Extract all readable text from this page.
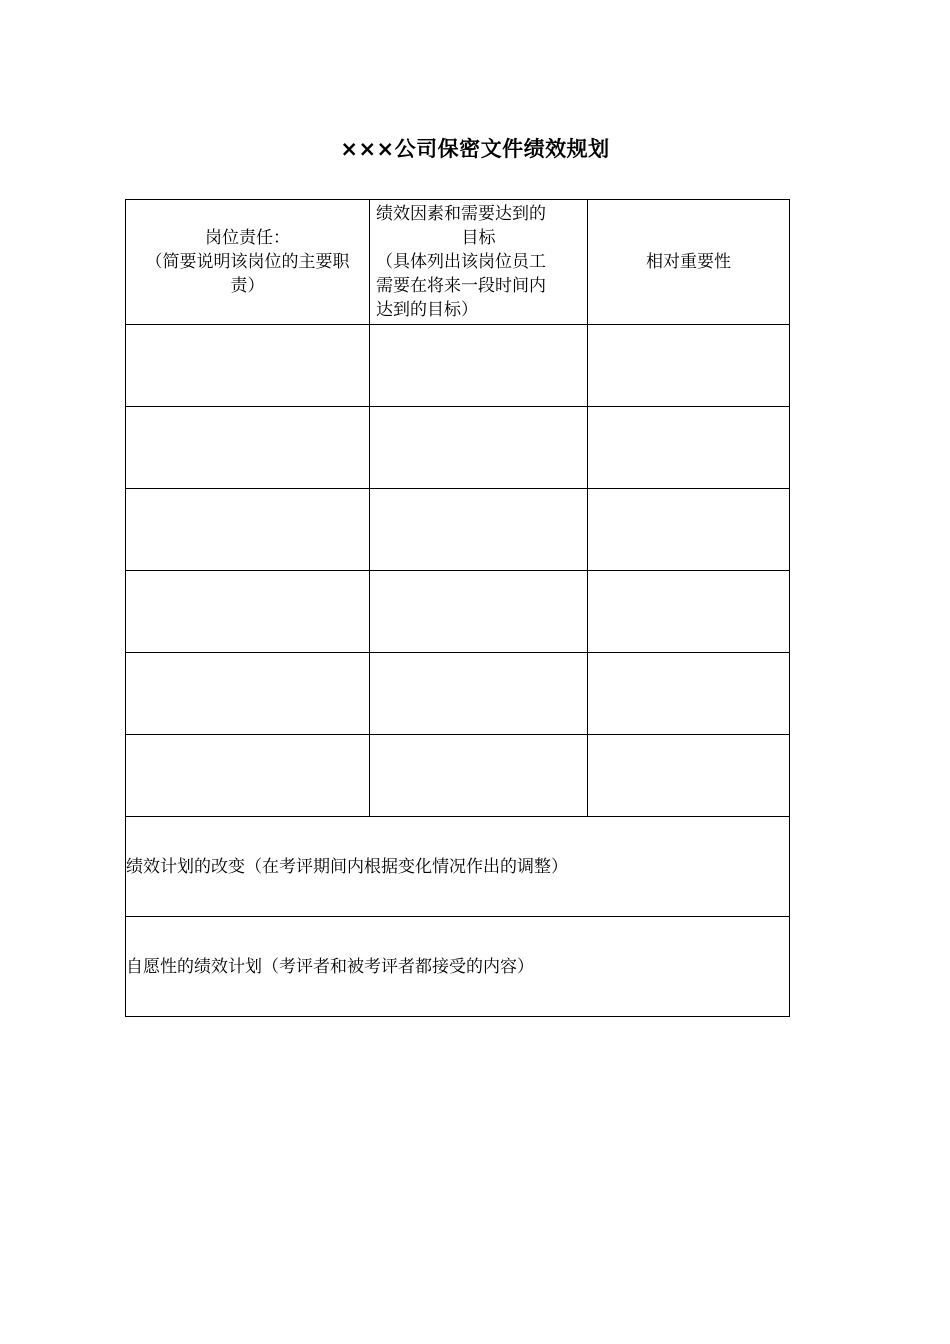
×××公司保密文件绩效规划
岗位责任：
（简要说明该岗位的主要职
责）	绩效因素和需要达到的
目标
（具体列出该岗位员工
需要在将来一段时间内
达到的目标）	相对重要性

绩效计划的改变（在考评期间内根据变化情况作出的调整）		

自愿性的绩效计划（考评者和被考评者都接受的内容）		
